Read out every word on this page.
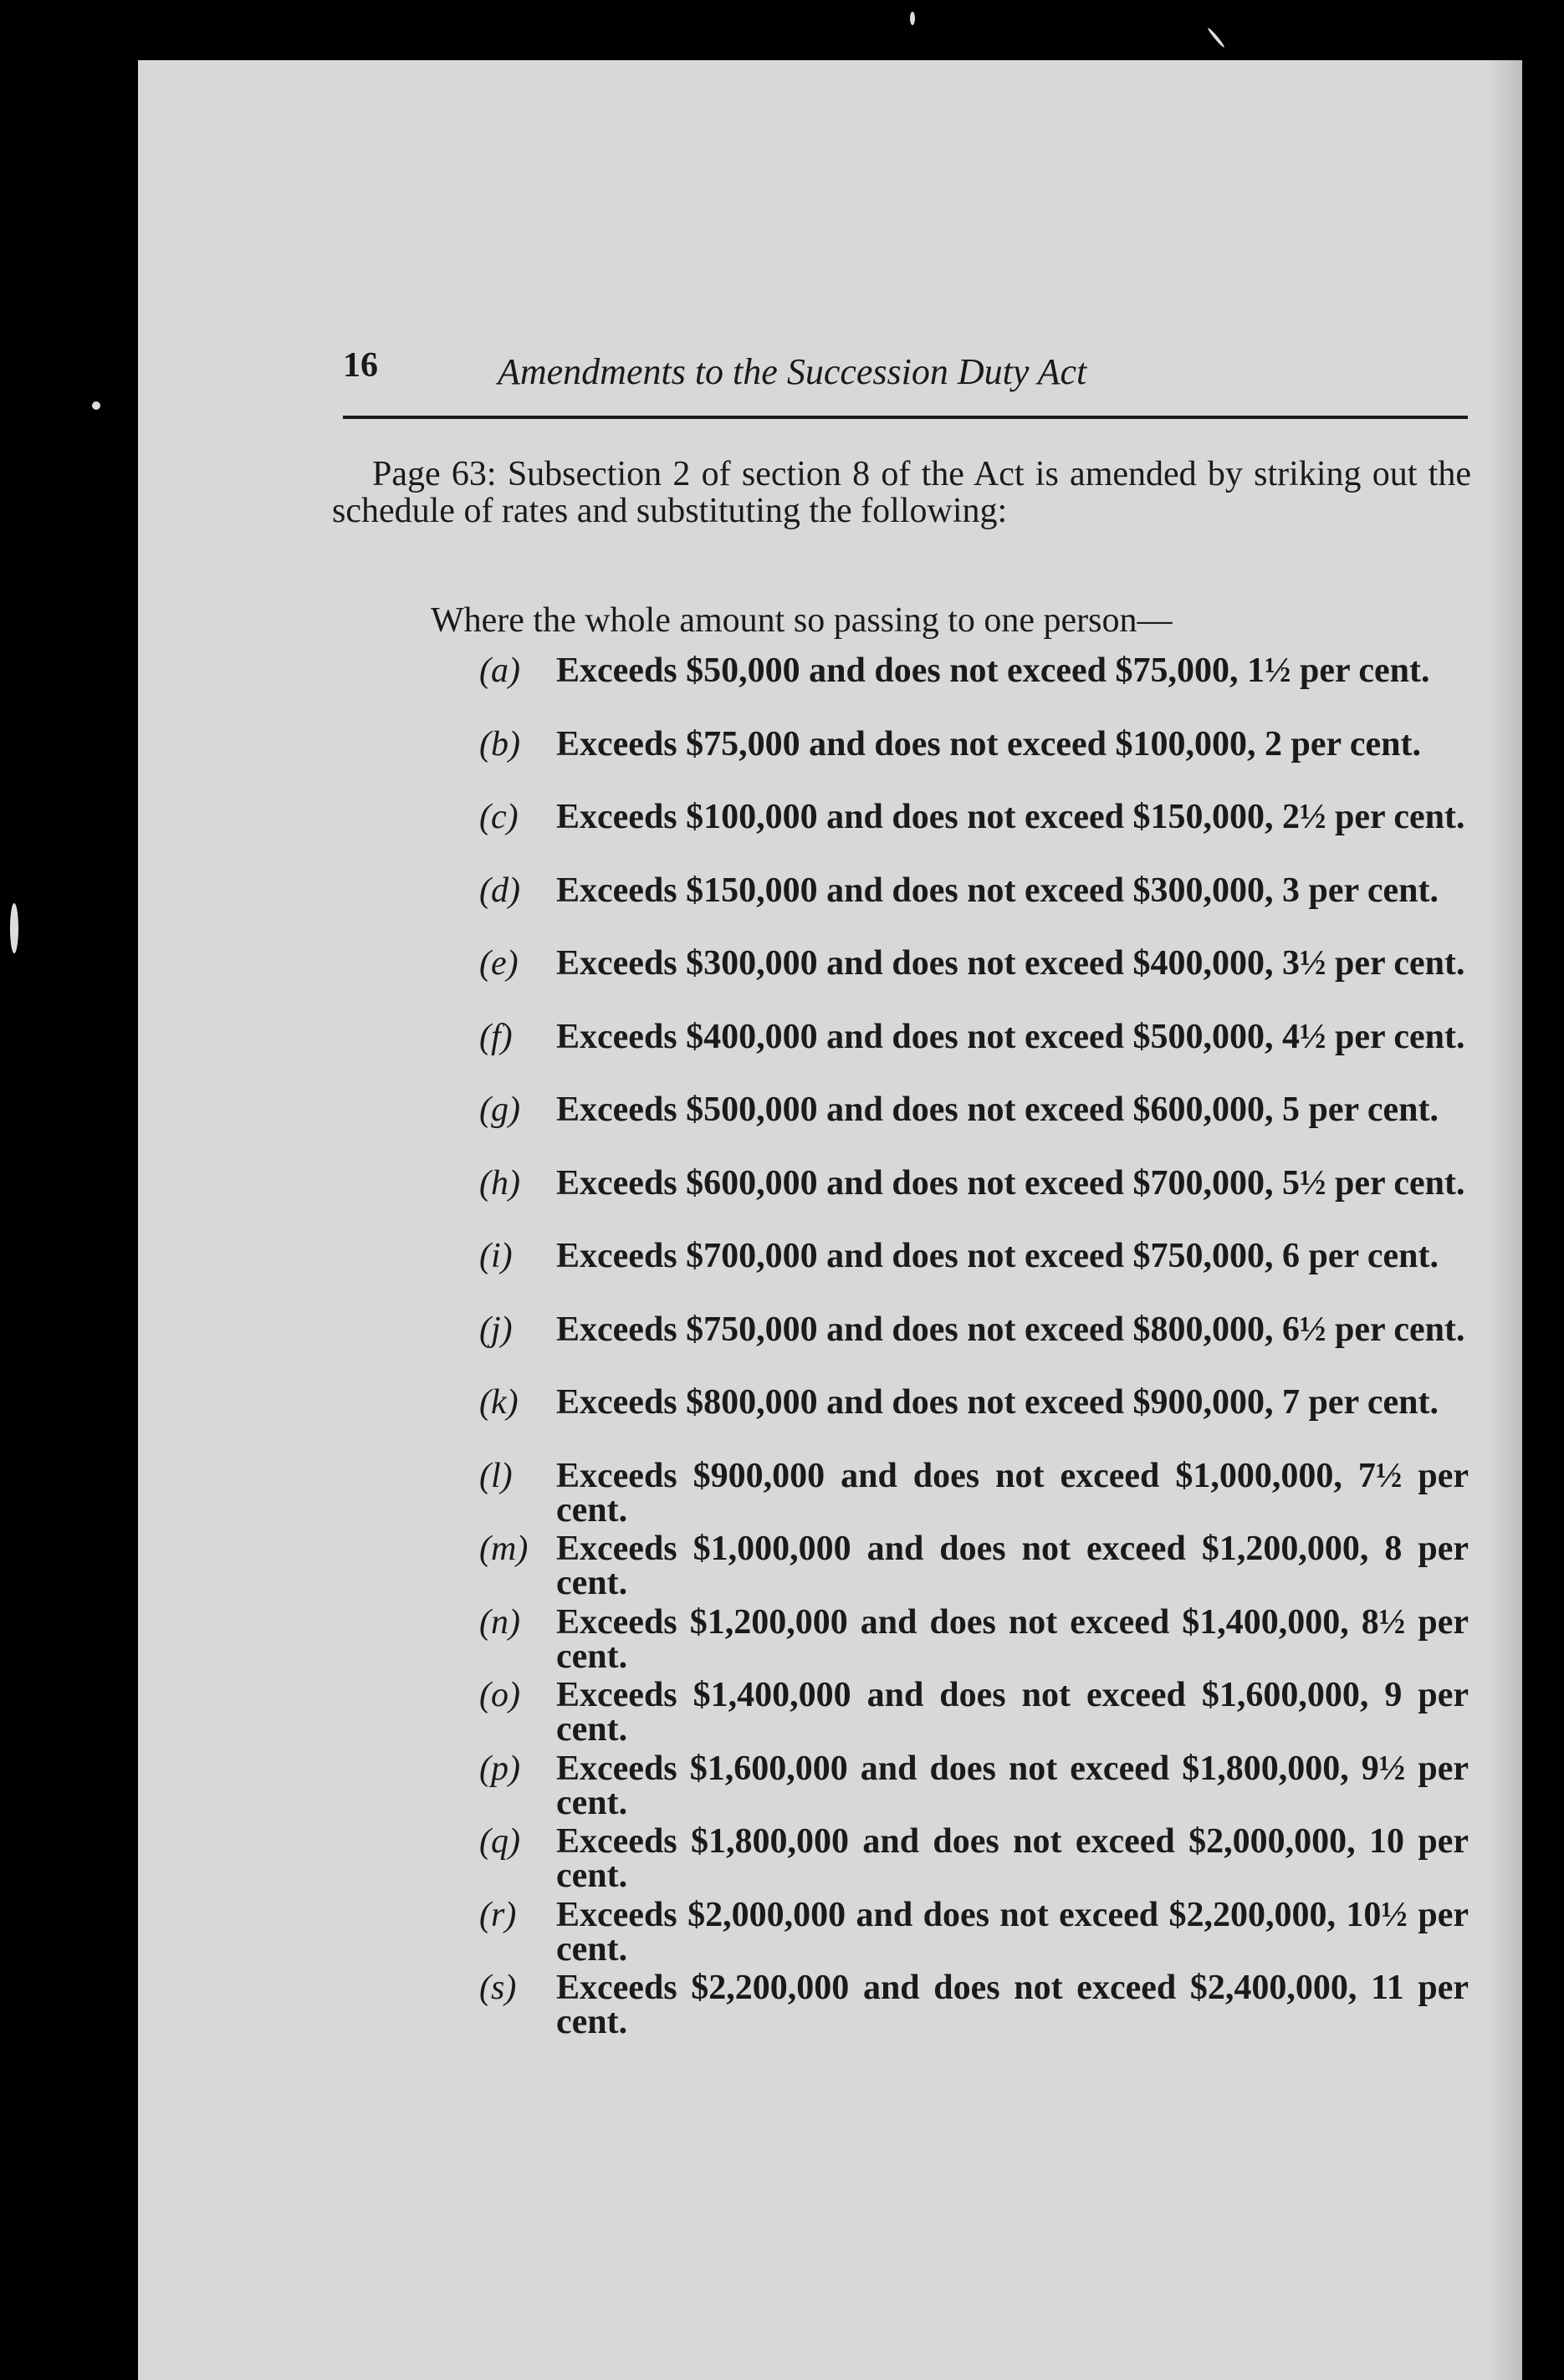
16	Amendments to the Succession Duty Act

Page 63: Subsection 2 of section 8 of the Act is amended by striking out the schedule of rates and substituting the following:

Where the whole amount so passing to one person—
(a)	Exceeds $50,000 and does not exceed $75,000, 1½ per cent.
(b)	Exceeds $75,000 and does not exceed $100,000, 2 per cent.
(c)	Exceeds $100,000 and does not exceed $150,000, 2½ per cent.
(d)	Exceeds $150,000 and does not exceed $300,000, 3 per cent.
(e)	Exceeds $300,000 and does not exceed $400,000, 3½ per cent.
(f)	Exceeds $400,000 and does not exceed $500,000, 4½ per cent.
(g)	Exceeds $500,000 and does not exceed $600,000, 5 per cent.
(h)	Exceeds $600,000 and does not exceed $700,000, 5½ per cent.
(i)	Exceeds $700,000 and does not exceed $750,000, 6 per cent.
(j)	Exceeds $750,000 and does not exceed $800,000, 6½ per cent.
(k)	Exceeds $800,000 and does not exceed $900,000, 7 per cent.
(l)	Exceeds $900,000 and does not exceed $1,000,000, 7½ per cent.
(m) Exceeds $1,000,000 and does not exceed $1,200,000, 8 per cent.
(n)	Exceeds $1,200,000 and does not exceed $1,400,000, 8½ per cent.
(o)	Exceeds $1,400,000 and does not exceed $1,600,000, 9 per cent.
(p)	Exceeds $1,600,000 and does not exceed $1,800,000, 9½ per cent.
(q)	Exceeds $1,800,000 and does not exceed $2,000,000, 10 per cent.
(r)	Exceeds $2,000,000 and does not exceed $2,200,000, 10½ per cent.
(s)	Exceeds $2,200,000 and does not exceed $2,400,000, 11 per cent.
